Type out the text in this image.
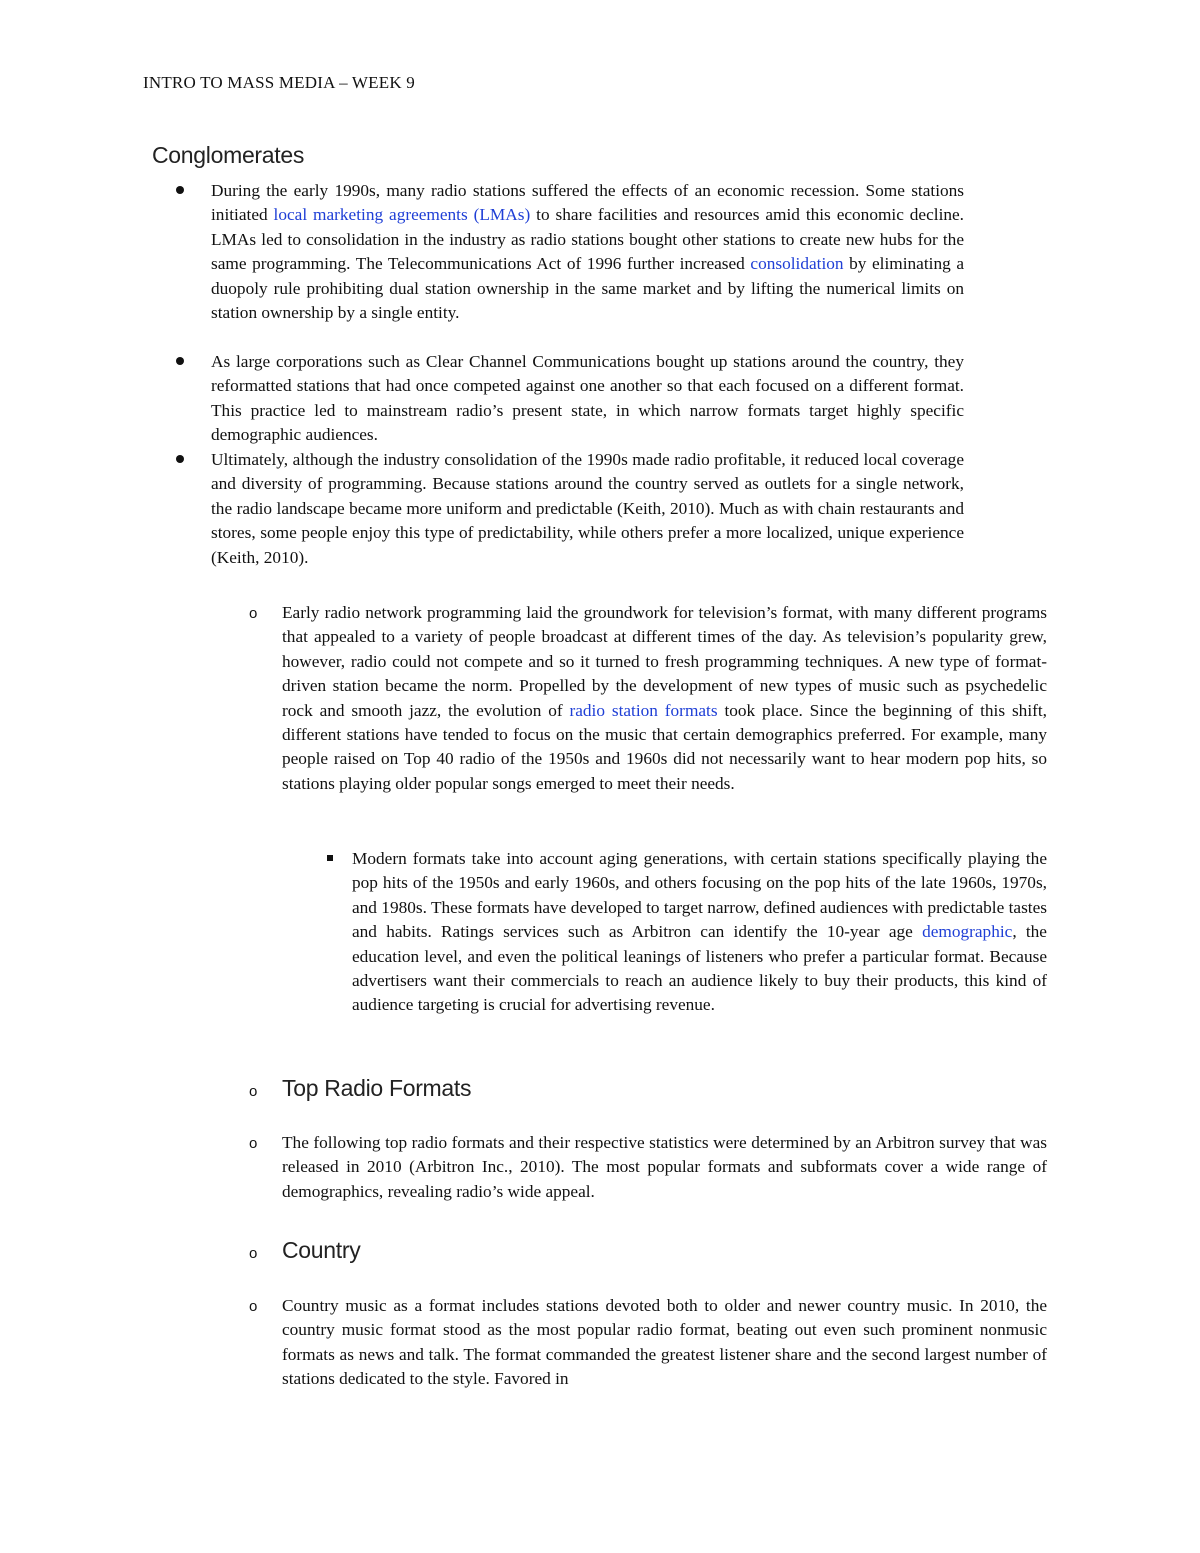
INTRO TO MASS MEDIA – WEEK 9
Conglomerates
During the early 1990s, many radio stations suffered the effects of an economic recession. Some stations initiated local marketing agreements (LMAs) to share facilities and resources amid this economic decline. LMAs led to consolidation in the industry as radio stations bought other stations to create new hubs for the same programming. The Telecommunications Act of 1996 further increased consolidation by eliminating a duopoly rule prohibiting dual station ownership in the same market and by lifting the numerical limits on station ownership by a single entity.
As large corporations such as Clear Channel Communications bought up stations around the country, they reformatted stations that had once competed against one another so that each focused on a different format. This practice led to mainstream radio’s present state, in which narrow formats target highly specific demographic audiences.
Ultimately, although the industry consolidation of the 1990s made radio profitable, it reduced local coverage and diversity of programming. Because stations around the country served as outlets for a single network, the radio landscape became more uniform and predictable (Keith, 2010). Much as with chain restaurants and stores, some people enjoy this type of predictability, while others prefer a more localized, unique experience (Keith, 2010).
o Early radio network programming laid the groundwork for television’s format, with many different programs that appealed to a variety of people broadcast at different times of the day. As television’s popularity grew, however, radio could not compete and so it turned to fresh programming techniques. A new type of format-driven station became the norm. Propelled by the development of new types of music such as psychedelic rock and smooth jazz, the evolution of radio station formats took place. Since the beginning of this shift, different stations have tended to focus on the music that certain demographics preferred. For example, many people raised on Top 40 radio of the 1950s and 1960s did not necessarily want to hear modern pop hits, so stations playing older popular songs emerged to meet their needs.
Modern formats take into account aging generations, with certain stations specifically playing the pop hits of the 1950s and early 1960s, and others focusing on the pop hits of the late 1960s, 1970s, and 1980s. These formats have developed to target narrow, defined audiences with predictable tastes and habits. Ratings services such as Arbitron can identify the 10-year age demographic, the education level, and even the political leanings of listeners who prefer a particular format. Because advertisers want their commercials to reach an audience likely to buy their products, this kind of audience targeting is crucial for advertising revenue.
o Top Radio Formats
o The following top radio formats and their respective statistics were determined by an Arbitron survey that was released in 2010 (Arbitron Inc., 2010). The most popular formats and subformats cover a wide range of demographics, revealing radio’s wide appeal.
o Country
o Country music as a format includes stations devoted both to older and newer country music. In 2010, the country music format stood as the most popular radio format, beating out even such prominent nonmusic formats as news and talk. The format commanded the greatest listener share and the second largest number of stations dedicated to the style. Favored in
